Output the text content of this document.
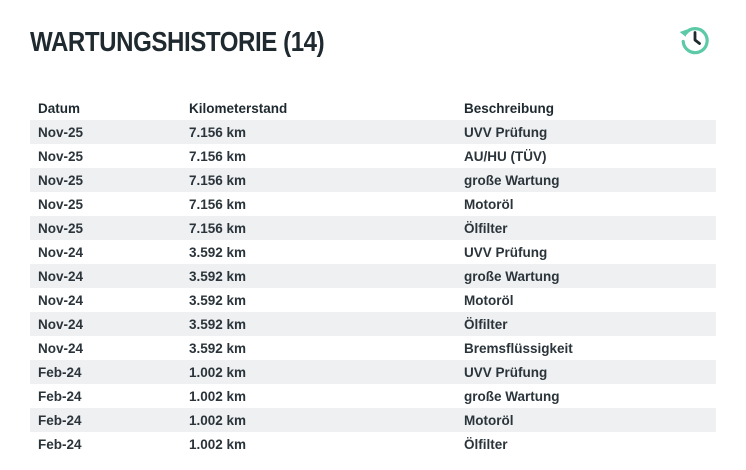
WARTUNGSHISTORIE (14)
Datum	Kilometerstand	Beschreibung
Nov-25	7.156 km	UVV Prüfung
Nov-25	7.156 km	AU/HU (TÜV)
Nov-25	7.156 km	große Wartung
Nov-25	7.156 km	Motoröl
Nov-25	7.156 km	Ölfilter
Nov-24	3.592 km	UVV Prüfung
Nov-24	3.592 km	große Wartung
Nov-24	3.592 km	Motoröl
Nov-24	3.592 km	Ölfilter
Nov-24	3.592 km	Bremsflüssigkeit
Feb-24	1.002 km	UVV Prüfung
Feb-24	1.002 km	große Wartung
Feb-24	1.002 km	Motoröl
Feb-24	1.002 km	Ölfilter
